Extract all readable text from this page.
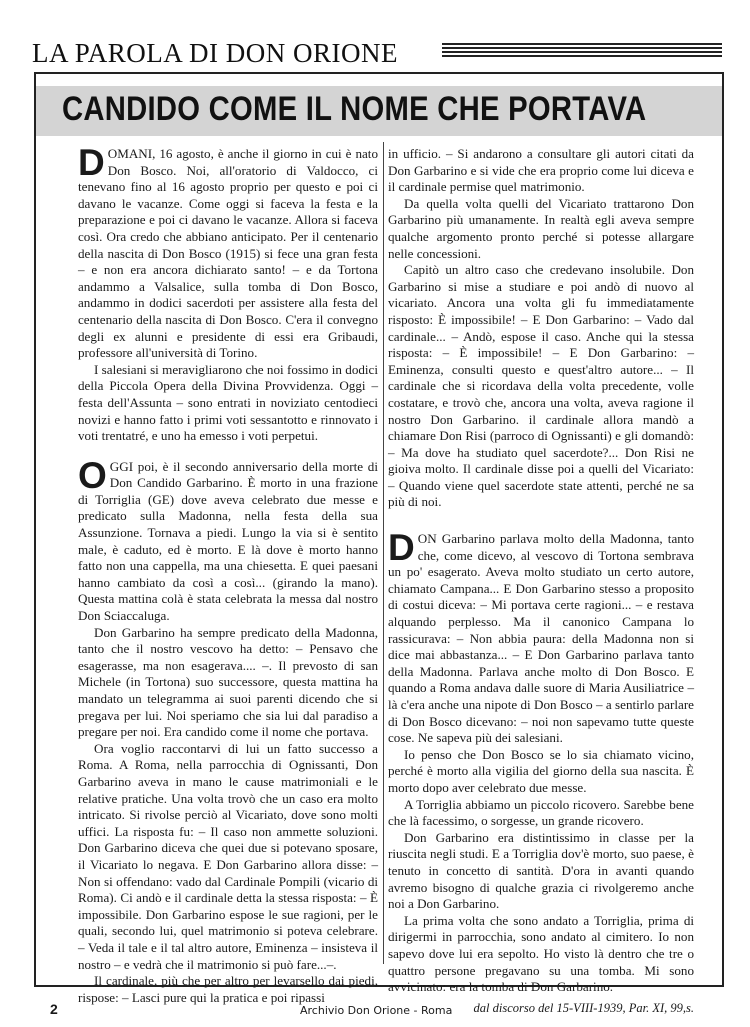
LA PAROLA DI DON ORIONE
CANDIDO COME IL NOME CHE PORTAVA

DOMANI, 16 agosto, è anche il giorno in cui è nato Don Bosco. Noi, all'oratorio di Valdocco, ci tenevano fino al 16 agosto proprio per questo e poi ci davano le vacanze. Come oggi si faceva la festa e la preparazione e poi ci davano le vacanze. Allora si faceva così. Ora credo che abbiano anticipato. Per il centenario della nascita di Don Bosco (1915) si fece una gran festa – e non era ancora dichiarato santo! – e da Tortona andammo a Valsalice, sulla tomba di Don Bosco, andammo in dodici sacerdoti per assistere alla festa del centenario della nascita di Don Bosco. C'era il convegno degli ex alunni e presidente di essi era Gribaudi, professore all'università di Torino.

I salesiani si meravigliarono che noi fossimo in dodici della Piccola Opera della Divina Provvidenza. Oggi – festa dell'Assunta – sono entrati in noviziato centodieci novizi e hanno fatto i primi voti sessantotto e rinnovato i voti trentatré, e uno ha emesso i voti perpetui.

OGGI poi, è il secondo anniversario della morte di Don Candido Garbarino. È morto in una frazione di Torriglia (GE) dove aveva celebrato due messe e predicato sulla Madonna, nella festa della sua Assunzione. Tornava a piedi. Lungo la via si è sentito male, è caduto, ed è morto. E là dove è morto hanno fatto non una cappella, ma una chiesetta. E quei paesani hanno cambiato da così a così... (girando la mano). Questa mattina colà è stata celebrata la messa dal nostro Don Sciaccaluga.

Don Garbarino ha sempre predicato della Madonna, tanto che il nostro vescovo ha detto: – Pensavo che esagerasse, ma non esagerava.... –. Il prevosto di san Michele (in Tortona) suo successore, questa mattina ha mandato un telegramma ai suoi parenti dicendo che si pregava per lui. Noi speriamo che sia lui dal paradiso a pregare per noi. Era candido come il nome che portava.

Ora voglio raccontarvi di lui un fatto successo a Roma. A Roma, nella parrocchia di Ognissanti, Don Garbarino aveva in mano le cause matrimoniali e le relative pratiche. Una volta trovò che un caso era molto intricato. Si rivolse perciò al Vicariato, dove sono molti uffici. La risposta fu: – Il caso non ammette soluzioni. Don Garbarino diceva che quei due si potevano sposare, il Vicariato lo negava. E Don Garbarino allora disse: – Non si offendano: vado dal Cardinale Pompili (vicario di Roma). Ci andò e il cardinale detta la stessa risposta: – È impossibile. Don Garbarino espose le sue ragioni, per le quali, secondo lui, quel matrimonio si poteva celebrare. – Veda il tale e il tal altro autore, Eminenza – insisteva il nostro – e vedrà che il matrimonio si può fare...–.

Il cardinale, più che per altro per levarsello dai piedi, rispose: – Lasci pure qui la pratica e poi ripassi

in ufficio. – Si andarono a consultare gli autori citati da Don Garbarino e si vide che era proprio come lui diceva e il cardinale permise quel matrimonio.

Da quella volta quelli del Vicariato trattarono Don Garbarino più umanamente. In realtà egli aveva sempre qualche argomento pronto perché si potesse allargare nelle concessioni.

Capitò un altro caso che credevano insolubile. Don Garbarino si mise a studiare e poi andò di nuovo al vicariato. Ancora una volta gli fu immediatamente risposto: È impossibile! – E Don Garbarino: – Vado dal cardinale... – Andò, espose il caso. Anche qui la stessa risposta: – È impossibile! – E Don Garbarino: – Eminenza, consulti questo e quest'altro autore... – Il cardinale che si ricordava della volta precedente, volle costatare, e trovò che, ancora una volta, aveva ragione il nostro Don Garbarino. il cardinale allora mandò a chiamare Don Risi (parroco di Ognissanti) e gli domandò: – Ma dove ha studiato quel sacerdote?... Don Risi ne gioiva molto. Il cardinale disse poi a quelli del Vicariato: – Quando viene quel sacerdote state attenti, perché ne sa più di noi.

DON Garbarino parlava molto della Madonna, tanto che, come dicevo, al vescovo di Tortona sembrava un po' esagerato. Aveva molto studiato un certo autore, chiamato Campana... E Don Garbarino stesso a proposito di costui diceva: – Mi portava certe ragioni... – e restava alquando perplesso. Ma il canonico Campana lo rassicurava: – Non abbia paura: della Madonna non si dice mai abbastanza... – E Don Garbarino parlava tanto della Madonna. Parlava anche molto di Don Bosco. E quando a Roma andava dalle suore di Maria Ausiliatrice – là c'era anche una nipote di Don Bosco – a sentirlo parlare di Don Bosco dicevano: – noi non sapevamo tutte queste cose. Ne sapeva più dei salesiani.

Io penso che Don Bosco se lo sia chiamato vicino, perché è morto alla vigilia del giorno della sua nascita. È morto dopo aver celebrato due messe.

A Torriglia abbiamo un piccolo ricovero. Sarebbe bene che là facessimo, o sorgesse, un grande ricovero.

Don Garbarino era distintissimo in classe per la riuscita negli studi. E a Torriglia dov'è morto, suo paese, è tenuto in concetto di santità. D'ora in avanti quando avremo bisogno di qualche grazia ci rivolgeremo anche noi a Don Garbarino.

La prima volta che sono andato a Torriglia, prima di dirigermi in parrocchia, sono andato al cimitero. Io non sapevo dove lui era sepolto. Ho visto là dentro che tre o quattro persone pregavano su una tomba. Mi sono avvicinato: era la tomba di Don Garbarino.

dal discorso del 15-VIII-1939, Par. XI, 99,s.
2	Archivio Don Orione - Roma
